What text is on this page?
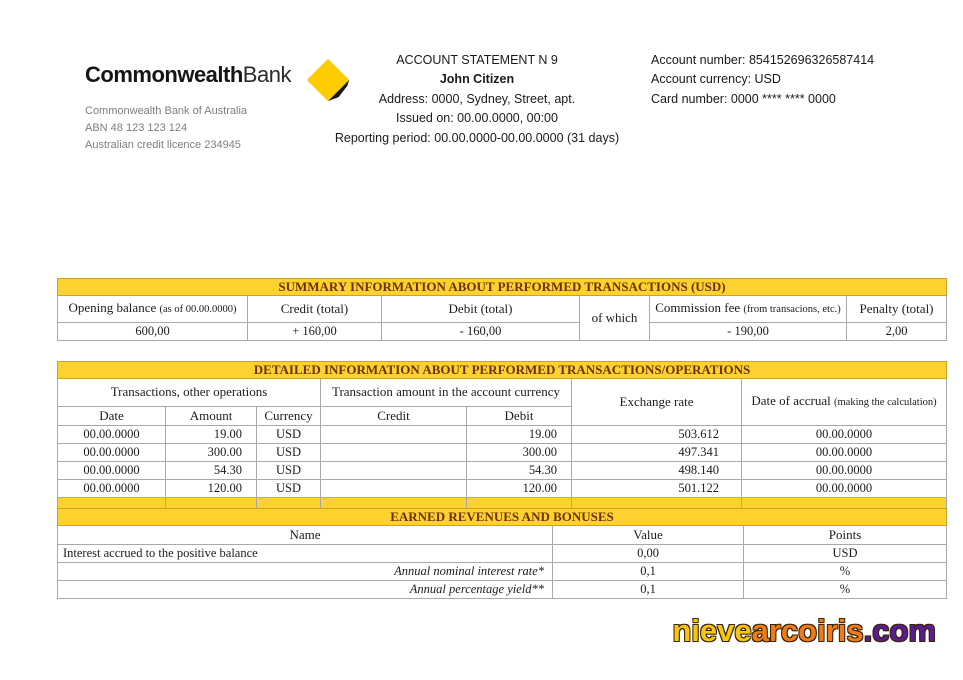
Commonwealth Bank
Commonwealth Bank of Australia
ABN 48 123 123 124
Australian credit licence 234945
ACCOUNT STATEMENT N 9
John Citizen
Address: 0000, Sydney, Street, apt.
Issued on: 00.00.0000, 00:00
Reporting period: 00.00.0000-00.00.0000 (31 days)
Account number: 854152696326587414
Account currency: USD
Card number: 0000 **** **** 0000
SUMMARY INFORMATION ABOUT PERFORMED TRANSACTIONS (USD)					
Opening balance (as of 00.00.0000)	Credit (total)	Debit (total)	of which	Commission fee (from transacions, etc.)	Penalty (total)
600,00	+ 160,00	- 160,00		- 190,00	2,00
DETAILED INFORMATION ABOUT PERFORMED TRANSACTIONS/OPERATIONS						
Transactions, other operations			Transaction amount in the account currency		Exchange rate	Date of accrual (making the calculation)
Date	Amount	Currency	Credit	Debit		
00.00.0000	19.00	USD		19.00	503.612	00.00.0000
00.00.0000	300.00	USD		300.00	497.341	00.00.0000
00.00.0000	54.30	USD		54.30	498.140	00.00.0000
00.00.0000	120.00	USD		120.00	501.122	00.00.0000

EARNED REVENUES AND BONUSES		
Name	Value	Points
Interest accrued to the positive balance	0,00	USD
Annual nominal interest rate*	0,1	%
Annual percentage yield**	0,1	%
nievearcoiris.com
